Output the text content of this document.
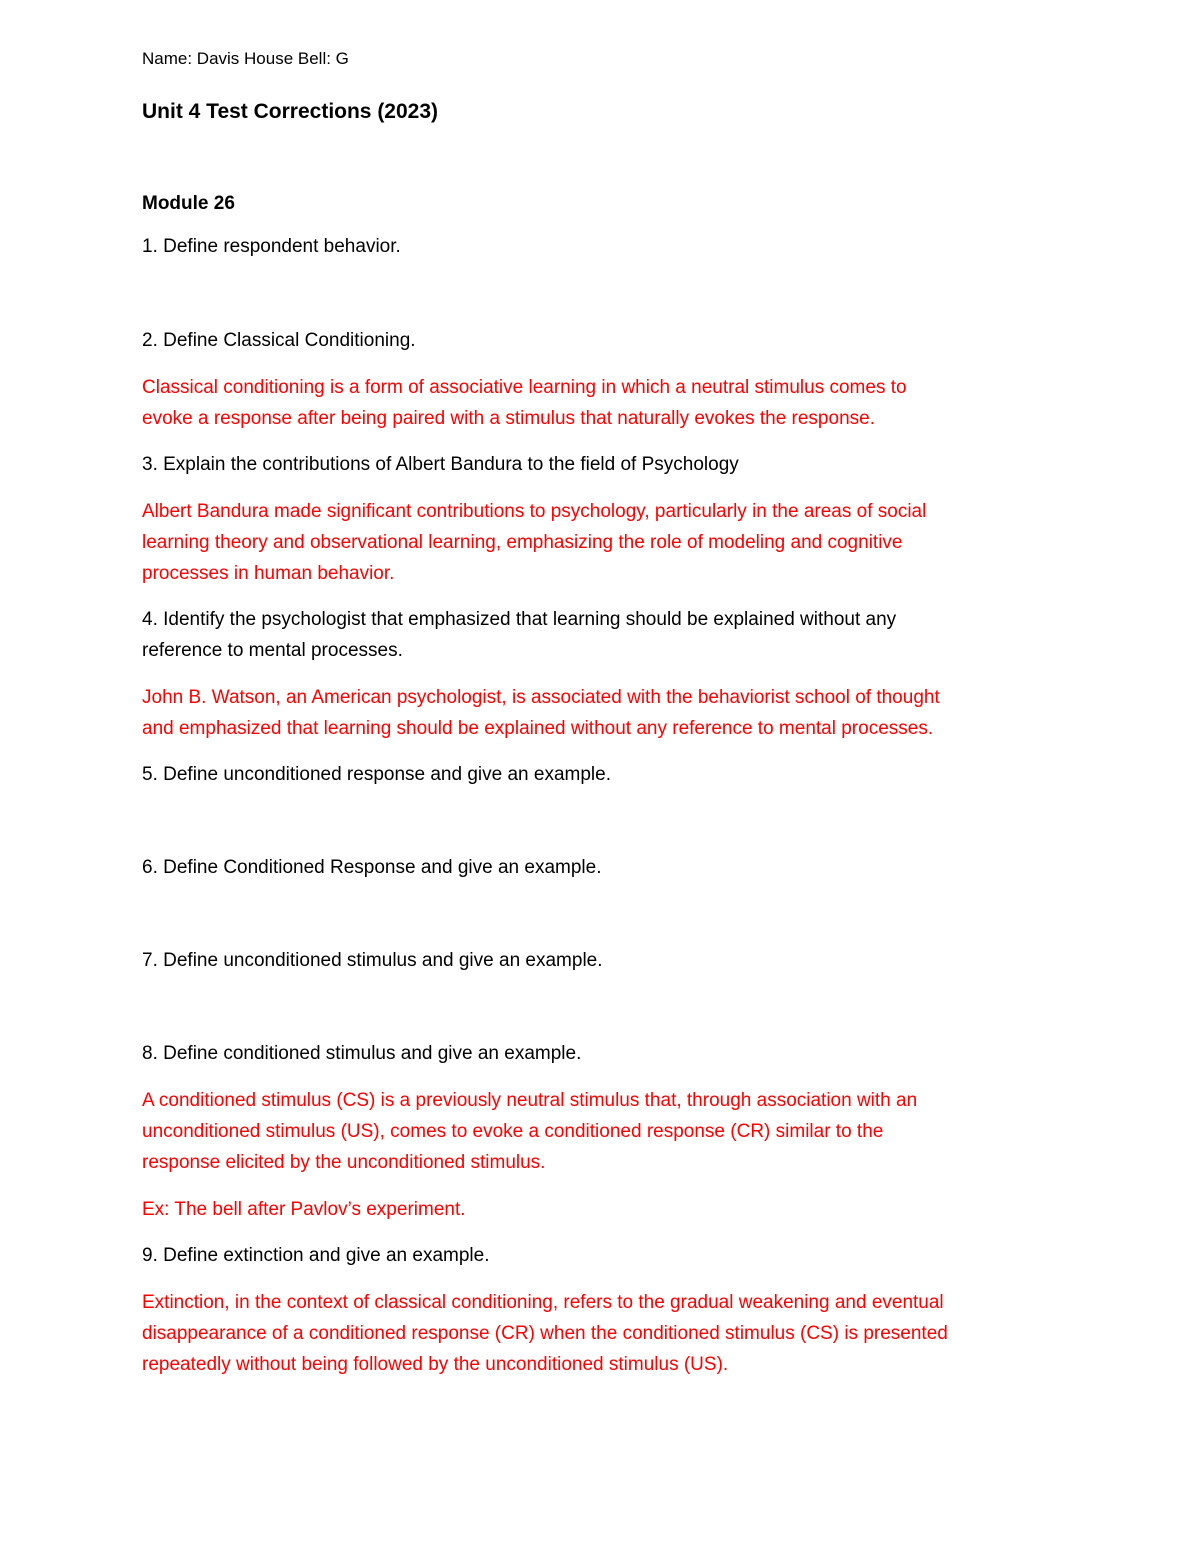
Name: Davis House Bell: G

Unit 4 Test Corrections (2023)

Module 26

1. Define respondent behavior.

2. Define Classical Conditioning.

Classical conditioning is a form of associative learning in which a neutral stimulus comes to

evoke a response after being paired with a stimulus that naturally evokes the response.

3. Explain the contributions of Albert Bandura to the field of Psychology

Albert Bandura made significant contributions to psychology, particularly in the areas of social

learning theory and observational learning, emphasizing the role of modeling and cognitive

processes in human behavior.

4. Identify the psychologist that emphasized that learning should be explained without any

reference to mental processes.

John B. Watson, an American psychologist, is associated with the behaviorist school of thought

and emphasized that learning should be explained without any reference to mental processes.

5. Define unconditioned response and give an example.

6. Define Conditioned Response and give an example.

7. Define unconditioned stimulus and give an example.

8. Define conditioned stimulus and give an example.

A conditioned stimulus (CS) is a previously neutral stimulus that, through association with an

unconditioned stimulus (US), comes to evoke a conditioned response (CR) similar to the

response elicited by the unconditioned stimulus.

Ex: The bell after Pavlov’s experiment.

9. Define extinction and give an example.

Extinction, in the context of classical conditioning, refers to the gradual weakening and eventual

disappearance of a conditioned response (CR) when the conditioned stimulus (CS) is presented

repeatedly without being followed by the unconditioned stimulus (US).
